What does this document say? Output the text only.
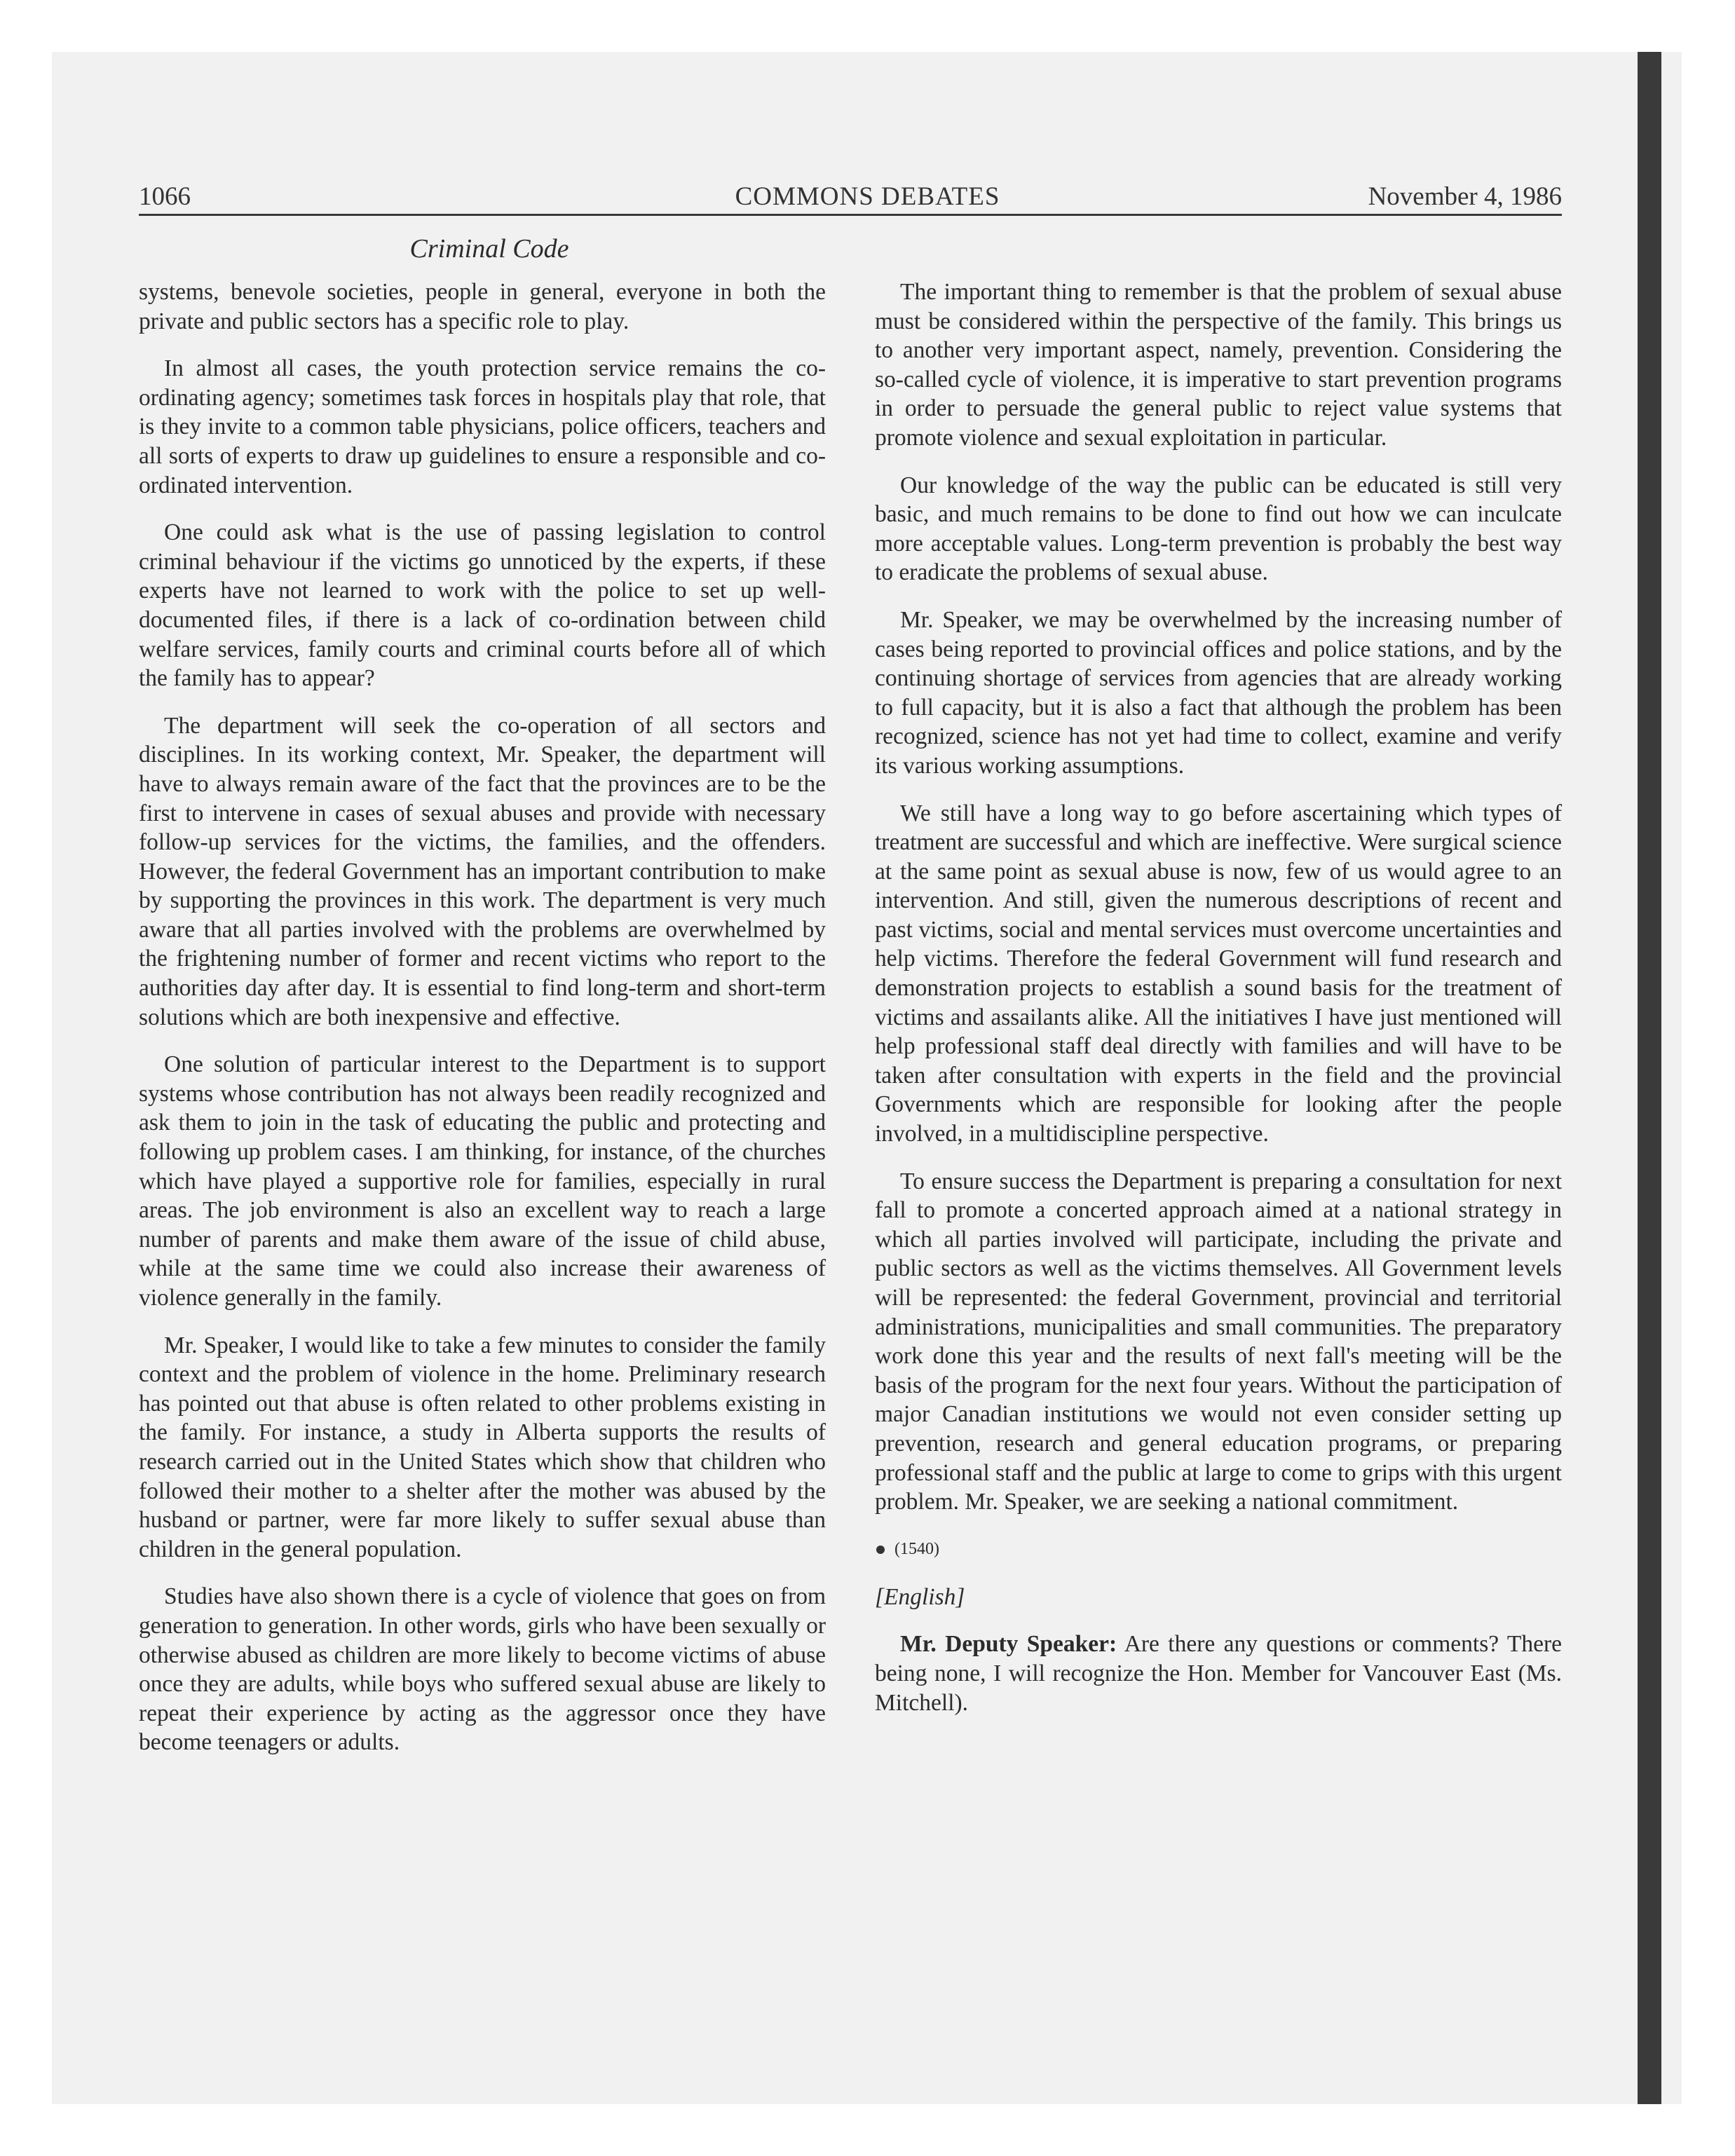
1066	COMMONS DEBATES	November 4, 1986
Criminal Code

systems, benevole societies, people in general, everyone in both the private and public sectors has a specific role to play.

In almost all cases, the youth protection service remains the co-ordinating agency; sometimes task forces in hospitals play that role, that is they invite to a common table physicians, police officers, teachers and all sorts of experts to draw up guidelines to ensure a responsible and co-ordinated intervention.

One could ask what is the use of passing legislation to control criminal behaviour if the victims go unnoticed by the experts, if these experts have not learned to work with the police to set up well-documented files, if there is a lack of co-ordination between child welfare services, family courts and criminal courts before all of which the family has to appear?

The department will seek the co-operation of all sectors and disciplines. In its working context, Mr. Speaker, the department will have to always remain aware of the fact that the provinces are to be the first to intervene in cases of sexual abuses and provide with necessary follow-up services for the victims, the families, and the offenders. However, the federal Government has an important contribution to make by supporting the provinces in this work. The department is very much aware that all parties involved with the problems are overwhelmed by the frightening number of former and recent victims who report to the authorities day after day. It is essential to find long-term and short-term solutions which are both inexpensive and effective.

One solution of particular interest to the Department is to support systems whose contribution has not always been readily recognized and ask them to join in the task of educating the public and protecting and following up problem cases. I am thinking, for instance, of the churches which have played a supportive role for families, especially in rural areas. The job environment is also an excellent way to reach a large number of parents and make them aware of the issue of child abuse, while at the same time we could also increase their awareness of violence generally in the family.

Mr. Speaker, I would like to take a few minutes to consider the family context and the problem of violence in the home. Preliminary research has pointed out that abuse is often related to other problems existing in the family. For instance, a study in Alberta supports the results of research carried out in the United States which show that children who followed their mother to a shelter after the mother was abused by the husband or partner, were far more likely to suffer sexual abuse than children in the general population.

Studies have also shown there is a cycle of violence that goes on from generation to generation. In other words, girls who have been sexually or otherwise abused as children are more likely to become victims of abuse once they are adults, while boys who suffered sexual abuse are likely to repeat their experience by acting as the aggressor once they have become teenagers or adults.

The important thing to remember is that the problem of sexual abuse must be considered within the perspective of the family. This brings us to another very important aspect, namely, prevention. Considering the so-called cycle of violence, it is imperative to start prevention programs in order to persuade the general public to reject value systems that promote violence and sexual exploitation in particular.

Our knowledge of the way the public can be educated is still very basic, and much remains to be done to find out how we can inculcate more acceptable values. Long-term prevention is probably the best way to eradicate the problems of sexual abuse.

Mr. Speaker, we may be overwhelmed by the increasing number of cases being reported to provincial offices and police stations, and by the continuing shortage of services from agencies that are already working to full capacity, but it is also a fact that although the problem has been recognized, science has not yet had time to collect, examine and verify its various working assumptions.

We still have a long way to go before ascertaining which types of treatment are successful and which are ineffective. Were surgical science at the same point as sexual abuse is now, few of us would agree to an intervention. And still, given the numerous descriptions of recent and past victims, social and mental services must overcome uncertainties and help victims. Therefore the federal Government will fund research and demonstration projects to establish a sound basis for the treatment of victims and assailants alike. All the initiatives I have just mentioned will help professional staff deal directly with families and will have to be taken after consultation with experts in the field and the provincial Governments which are responsible for looking after the people involved, in a multidiscipline perspective.

To ensure success the Department is preparing a consultation for next fall to promote a concerted approach aimed at a national strategy in which all parties involved will participate, including the private and public sectors as well as the victims themselves. All Government levels will be represented: the federal Government, provincial and territorial administrations, municipalities and small communities. The preparatory work done this year and the results of next fall's meeting will be the basis of the program for the next four years. Without the participation of major Canadian institutions we would not even consider setting up prevention, research and general education programs, or preparing professional staff and the public at large to come to grips with this urgent problem. Mr. Speaker, we are seeking a national commitment.

(1540)
[English]

Mr. Deputy Speaker: Are there any questions or comments? There being none, I will recognize the Hon. Member for Vancouver East (Ms. Mitchell).
